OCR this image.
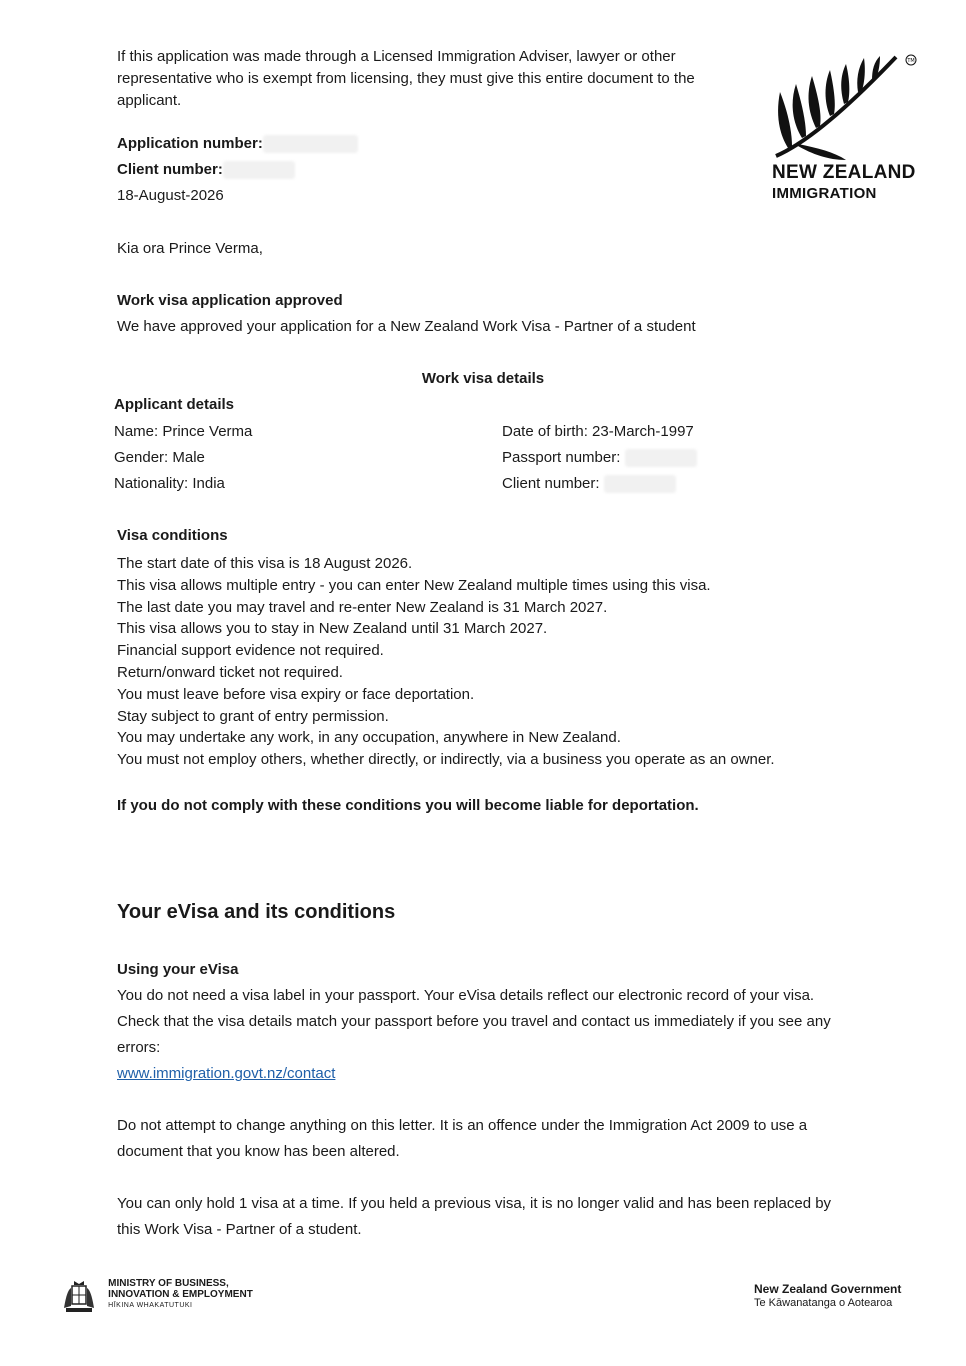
If this application was made through a Licensed Immigration Adviser, lawyer or other representative who is exempt from licensing, they must give this entire document to the applicant.
TM
NEW ZEALAND
IMMIGRATION
Application number:
Client number:
18-August-2026
Kia ora Prince Verma,
Work visa application approved
We have approved your application for a New Zealand Work Visa - Partner of a student
Work visa details
Applicant details
Name: Prince Verma
Gender: Male
Nationality: India
Date of birth: 23-March-1997
Passport number:
Client number:
Visa conditions
The start date of this visa is 18 August 2026.
This visa allows multiple entry - you can enter New Zealand multiple times using this visa.
The last date you may travel and re-enter New Zealand is 31 March 2027.
This visa allows you to stay in New Zealand until 31 March 2027.
Financial support evidence not required.
Return/onward ticket not required.
You must leave before visa expiry or face deportation.
Stay subject to grant of entry permission.
You may undertake any work, in any occupation, anywhere in New Zealand.
You must not employ others, whether directly, or indirectly, via a business you operate as an owner.
If you do not comply with these conditions you will become liable for deportation.
Your eVisa and its conditions
Using your eVisa
You do not need a visa label in your passport. Your eVisa details reflect our electronic record of your visa. Check that the visa details match your passport before you travel and contact us immediately if you see any errors:
www.immigration.govt.nz/contact
Do not attempt to change anything on this letter. It is an offence under the Immigration Act 2009 to use a document that you know has been altered.
You can only hold 1 visa at a time. If you held a previous visa, it is no longer valid and has been replaced by this Work Visa - Partner of a student.

MINISTRY OF BUSINESS,
INNOVATION & EMPLOYMENT
HĪKINA WHAKATUTUKI
New Zealand Government
Te Kāwanatanga o Aotearoa
